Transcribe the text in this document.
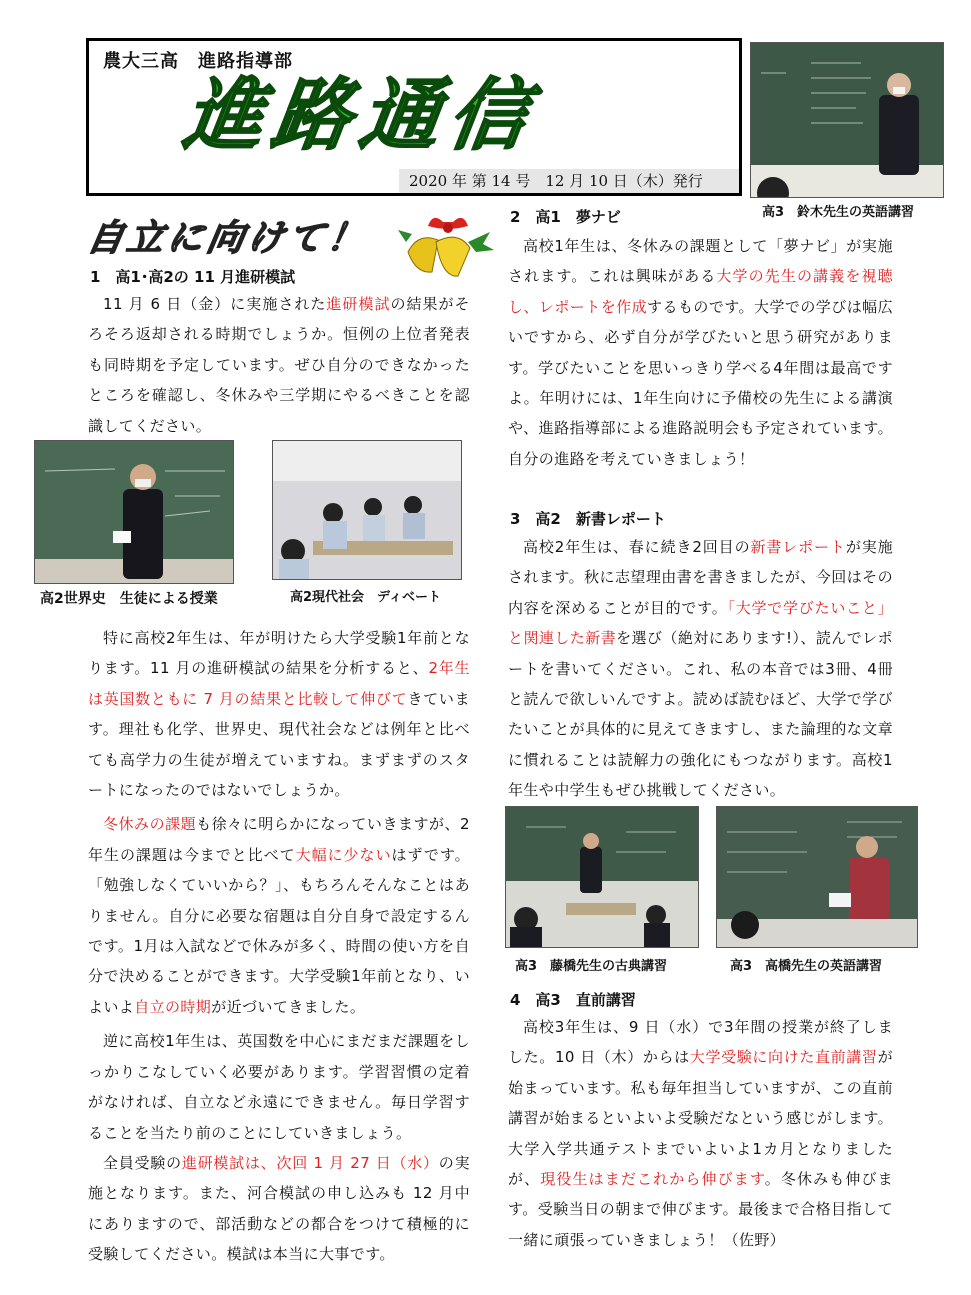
農大三高　進路指導部
進路通信
2020 年 第 14 号　12 月 10 日（木）発行
高3　鈴木先生の英語講習
自立に向けて！
1　高1･高2の 11 月進研模試

11 月 6 日（金）に実施された進研模試の結果がそろそろ返却される時期でしょうか。恒例の上位者発表も同時期を予定しています。ぜひ自分のできなかったところを確認し、冬休みや三学期にやるべきことを認識してください。

高2世界史　生徒による授業	高2現代社会　ディベート

特に高校2年生は、年が明けたら大学受験1年前となります。11 月の進研模試の結果を分析すると、2年生は英国数ともに 7 月の結果と比較して伸びてきています。理社も化学、世界史、現代社会などは例年と比べても高学力の生徒が増えていますね。まずまずのスタートになったのではないでしょうか。

冬休みの課題も徐々に明らかになっていきますが、2年生の課題は今までと比べて大幅に少ないはずです。「勉強しなくていいから？」、もちろんそんなことはありません。自分に必要な宿題は自分自身で設定するんです。1月は入試などで休みが多く、時間の使い方を自分で決めることができます。大学受験1年前となり、いよいよ自立の時期が近づいてきました。

逆に高校1年生は、英国数を中心にまだまだ課題をしっかりこなしていく必要があります。学習習慣の定着がなければ、自立など永遠にできません。毎日学習することを当たり前のことにしていきましょう。

全員受験の進研模試は、次回 1 月 27 日（水）の実施となります。また、河合模試の申し込みも 12 月中にありますので、部活動などの都合をつけて積極的に受験してください。模試は本当に大事です。

2　高1　夢ナビ

高校1年生は、冬休みの課題として「夢ナビ」が実施されます。これは興味がある大学の先生の講義を視聴し、レポートを作成するものです。大学での学びは幅広いですから、必ず自分が学びたいと思う研究があります。学びたいことを思いっきり学べる4年間は最高ですよ。年明けには、1年生向けに予備校の先生による講演や、進路指導部による進路説明会も予定されています。自分の進路を考えていきましょう！

3　高2　新書レポート

高校2年生は、春に続き2回目の新書レポートが実施されます。秋に志望理由書を書きましたが、今回はその内容を深めることが目的です。「大学で学びたいこと」と関連した新書を選び（絶対にあります!）、読んでレポートを書いてください。これ、私の本音では3冊、4冊と読んで欲しいんですよ。読めば読むほど、大学で学びたいことが具体的に見えてきますし、また論理的な文章に慣れることは読解力の強化にもつながります。高校1年生や中学生もぜひ挑戦してください。

高3　藤橋先生の古典講習	高3　高橋先生の英語講習
4　高3　直前講習

高校3年生は、9 日（水）で3年間の授業が終了しました。10 日（木）からは大学受験に向けた直前講習が始まっています。私も毎年担当していますが、この直前講習が始まるといよいよ受験だなという感じがします。大学入学共通テストまでいよいよ1カ月となりましたが、現役生はまだこれから伸びます。冬休みも伸びます。受験当日の朝まで伸びます。最後まで合格目指して一緒に頑張っていきましょう！（佐野）
